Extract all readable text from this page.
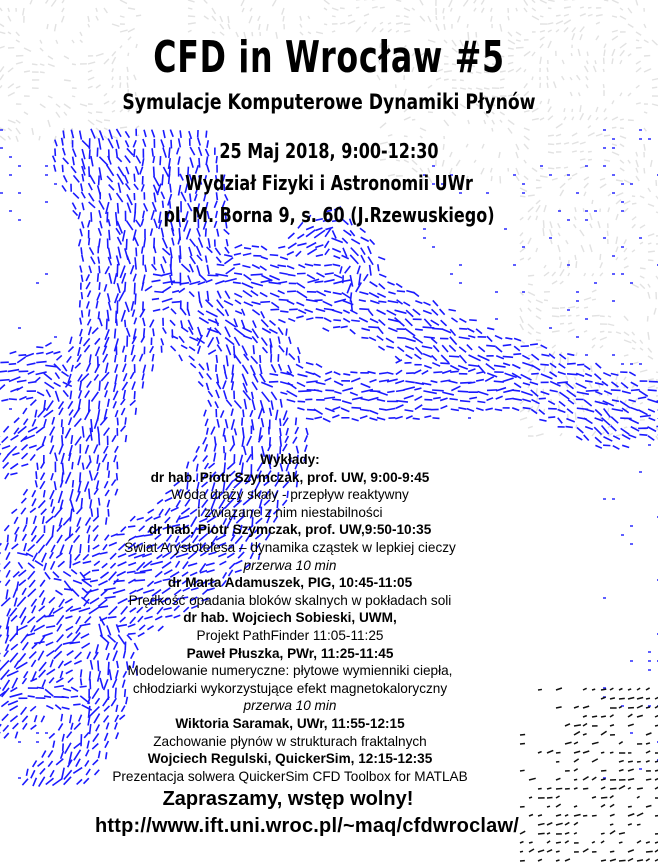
CFD in Wrocław #5
Symulacje Komputerowe Dynamiki Płynów
25 Maj 2018, 9:00-12:30
Wydział Fizyki i Astronomii UWr
pl. M. Borna 9, s. 60 (J.Rzewuskiego)
Wykłady:
dr hab. Piotr Szymczak, prof. UW, 9:00-9:45
Woda drąży skały - przepływ reaktywny
i związane z nim niestabilności
dr hab. Piotr Szymczak, prof. UW,9:50-10:35
Świat Arystotelesa – dynamika cząstek w lepkiej cieczy
przerwa 10 min
dr Marta Adamuszek, PIG, 10:45-11:05
Prędkość opadania bloków skalnych w pokładach soli
dr hab. Wojciech Sobieski, UWM,
Projekt PathFinder 11:05-11:25
Paweł Płuszka, PWr, 11:25-11:45
Modelowanie numeryczne: płytowe wymienniki ciepła,
chłodziarki wykorzystujące efekt magnetokaloryczny
przerwa 10 min
Wiktoria Saramak, UWr, 11:55-12:15
Zachowanie płynów w strukturach fraktalnych
Wojciech Regulski, QuickerSim, 12:15-12:35
Prezentacja solwera QuickerSim CFD Toolbox for MATLAB
Zapraszamy, wstęp wolny!
http://www.ift.uni.wroc.pl/~maq/cfdwroclaw/
